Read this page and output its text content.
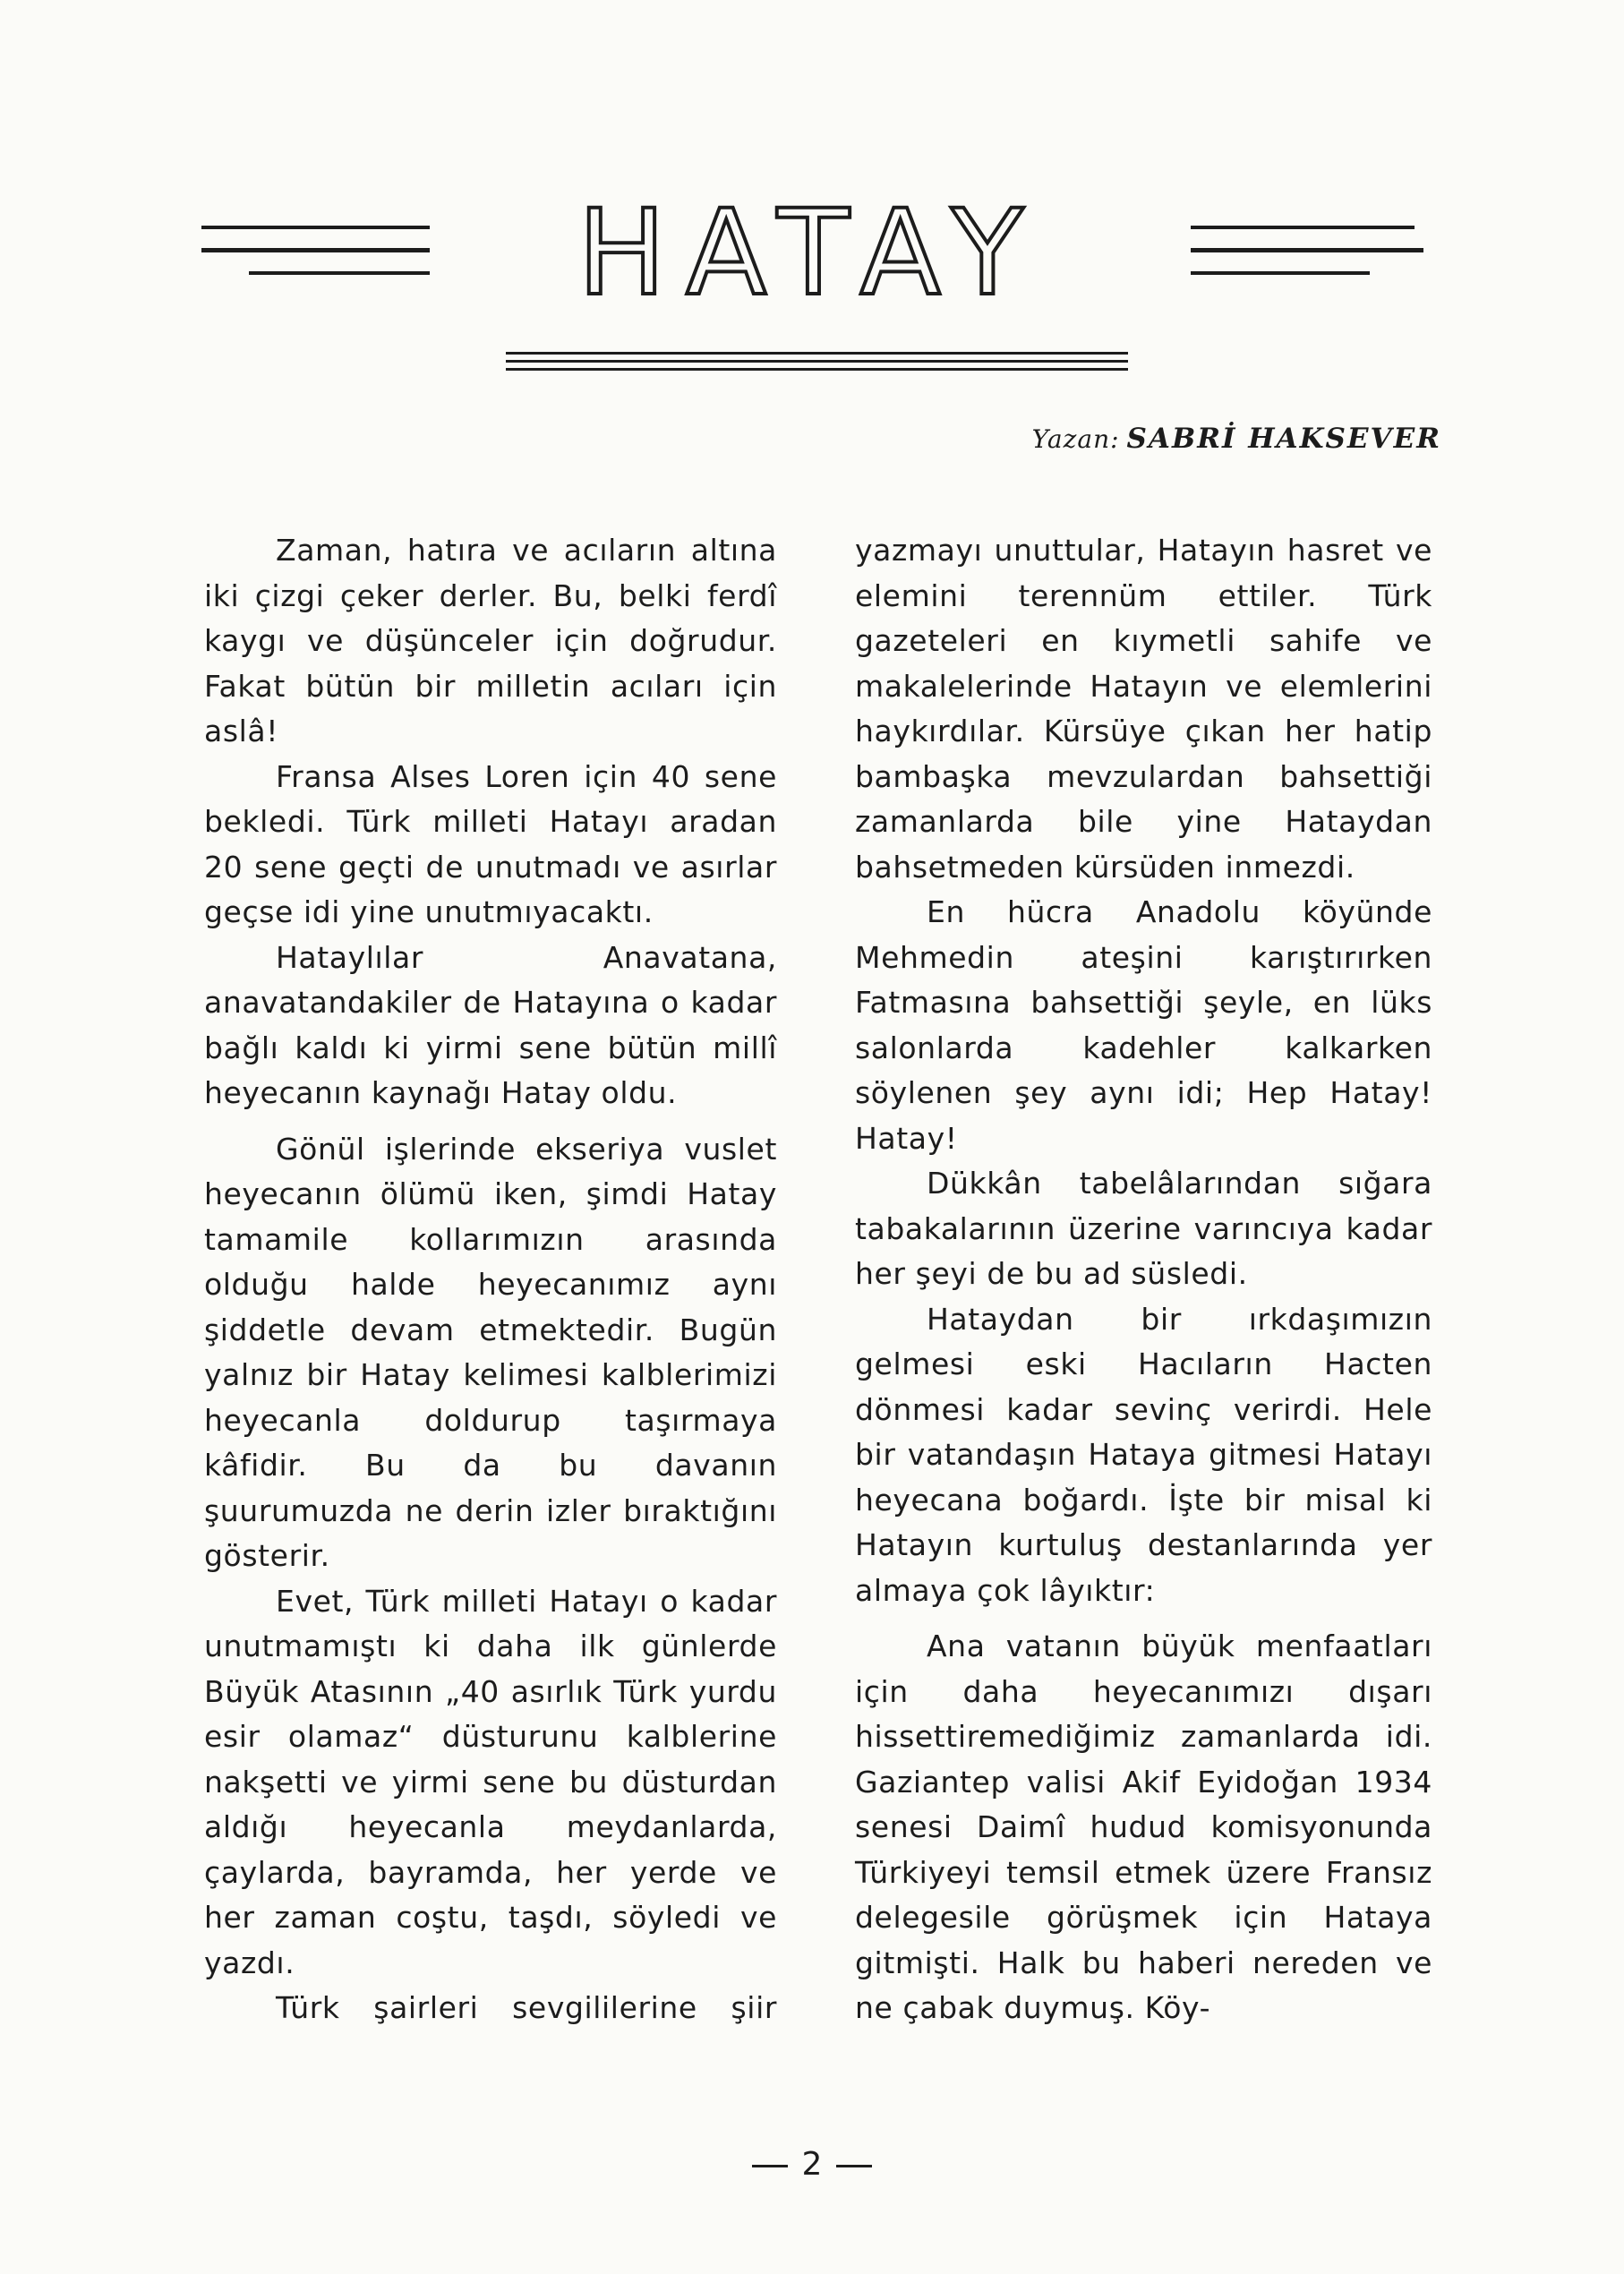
HATAY
Yazan: SABRİ HAKSEVER

Zaman, hatıra ve acıların altına iki çizgi çeker derler. Bu, belki ferdî kaygı ve düşünceler için doğrudur. Fakat bütün bir milletin acıları için aslâ!

Fransa Alses Loren için 40 sene bekledi. Türk milleti Hatayı aradan 20 sene geçti de unutmadı ve asırlar geçse idi yine unutmıyacaktı.

Hataylılar Anavatana, anavatandakiler de Hatayına o kadar bağlı kaldı ki yirmi sene bütün millî heyecanın kaynağı Hatay oldu.

Gönül işlerinde ekseriya vuslet heyecanın ölümü iken, şimdi Hatay tamamile kollarımızın arasında olduğu halde heyecanımız aynı şiddetle devam etmektedir. Bugün yalnız bir Hatay kelimesi kalblerimizi heyecanla doldurup taşırmaya kâfidir. Bu da bu davanın şuurumuzda ne derin izler bıraktığını gösterir.

Evet, Türk milleti Hatayı o kadar unutmamıştı ki daha ilk günlerde Büyük Atasının „40 asırlık Türk yurdu esir olamaz“ düsturunu kalblerine nakşetti ve yirmi sene bu düsturdan aldığı heyecanla meydanlarda, çaylarda, bayramda, her yerde ve her zaman coştu, taşdı, söyledi ve yazdı.

Türk şairleri sevgililerine şiir

yazmayı unuttular, Hatayın hasret ve elemini terennüm ettiler. Türk gazeteleri en kıymetli sahife ve makalelerinde Hatayın ve elemlerini haykırdılar. Kürsüye çıkan her hatip bambaşka mevzulardan bahsettiği zamanlarda bile yine Hataydan bahsetmeden kürsüden inmezdi.

En hücra Anadolu köyünde Mehmedin ateşini karıştırırken Fatmasına bahsettiği şeyle, en lüks salonlarda kadehler kalkarken söylenen şey aynı idi; Hep Hatay! Hatay!

Dükkân tabelâlarından sığara tabakalarının üzerine varıncıya kadar her şeyi de bu ad süsledi.

Hataydan bir ırkdaşımızın gelmesi eski Hacıların Hacten dönmesi kadar sevinç verirdi. Hele bir vatandaşın Hataya gitmesi Hatayı heyecana boğardı. İşte bir misal ki Hatayın kurtuluş destanlarında yer almaya çok lâyıktır:

Ana vatanın büyük menfaatları için daha heyecanımızı dışarı hissettiremediğimiz zamanlarda idi. Gaziantep valisi Akif Eyidoğan 1934 senesi Daimî hudud komisyonunda Türkiyeyi temsil etmek üzere Fransız delegesile görüşmek için Hataya gitmişti. Halk bu haberi nereden ve ne çabak duymuş. Köy-

2
